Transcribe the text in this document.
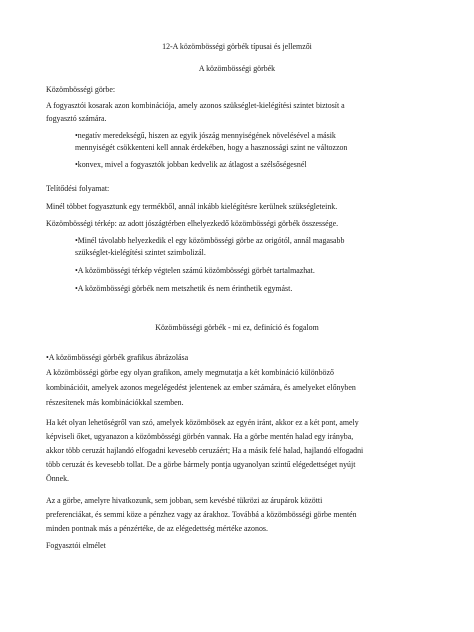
12-A közömbösségi görbék típusai és jellemzői
A közömbösségi görbék
Közömbösségi görbe:
A fogyasztói kosarak azon kombinációja, amely azonos szükséglet-kielégítési szintet biztosít a
fogyasztó számára.
•negatív meredekségű, hiszen az egyik jószág mennyiségének növelésével a másik
mennyiségét csökkenteni kell annak érdekében, hogy a hasznossági szint ne változzon
•konvex, mivel a fogyasztók jobban kedvelik az átlagost a szélsőségesnél
Telítődési folyamat:
Minél többet fogyasztunk egy termékből, annál inkább kielégítésre kerülnek szükségleteink.
Közömbösségi térkép: az adott jószágtérben elhelyezkedő közömbösségi görbék összessége.
•Minél távolabb helyezkedik el egy közömbösségi görbe az origótól, annál magasabb
szükséglet-kielégítési szintet szimbolizál.
•A közömbösségi térkép végtelen számú közömbösségi görbét tartalmazhat.
•A közömbösségi görbék nem metszhetik és nem érinthetik egymást.
Közömbösségi görbék - mi ez, definíció és fogalom
•A közömbösségi görbék grafikus ábrázolása
A közömbösségi görbe egy olyan grafikon, amely megmutatja a két kombináció különböző
kombinációit, amelyek azonos megelégedést jelentenek az ember számára, és amelyeket előnyben
részesítenek más kombinációkkal szemben.
Ha két olyan lehetőségről van szó, amelyek közömbösek az egyén iránt, akkor ez a két pont, amely
képviseli őket, ugyanazon a közömbösségi görbén vannak. Ha a görbe mentén halad egy irányba,
akkor több ceruzát hajlandó elfogadni kevesebb ceruzáért; Ha a másik felé halad, hajlandó elfogadni
több ceruzát és kevesebb tollat. De a görbe bármely pontja ugyanolyan szintű elégedettséget nyújt
Önnek.
Az a görbe, amelyre hivatkozunk, sem jobban, sem kevésbé tükrözi az árupárok közötti
preferenciákat, és semmi köze a pénzhez vagy az árakhoz. Továbbá a közömbösségi görbe mentén
minden pontnak más a pénzértéke, de az elégedettség mértéke azonos.
Fogyasztói elmélet
